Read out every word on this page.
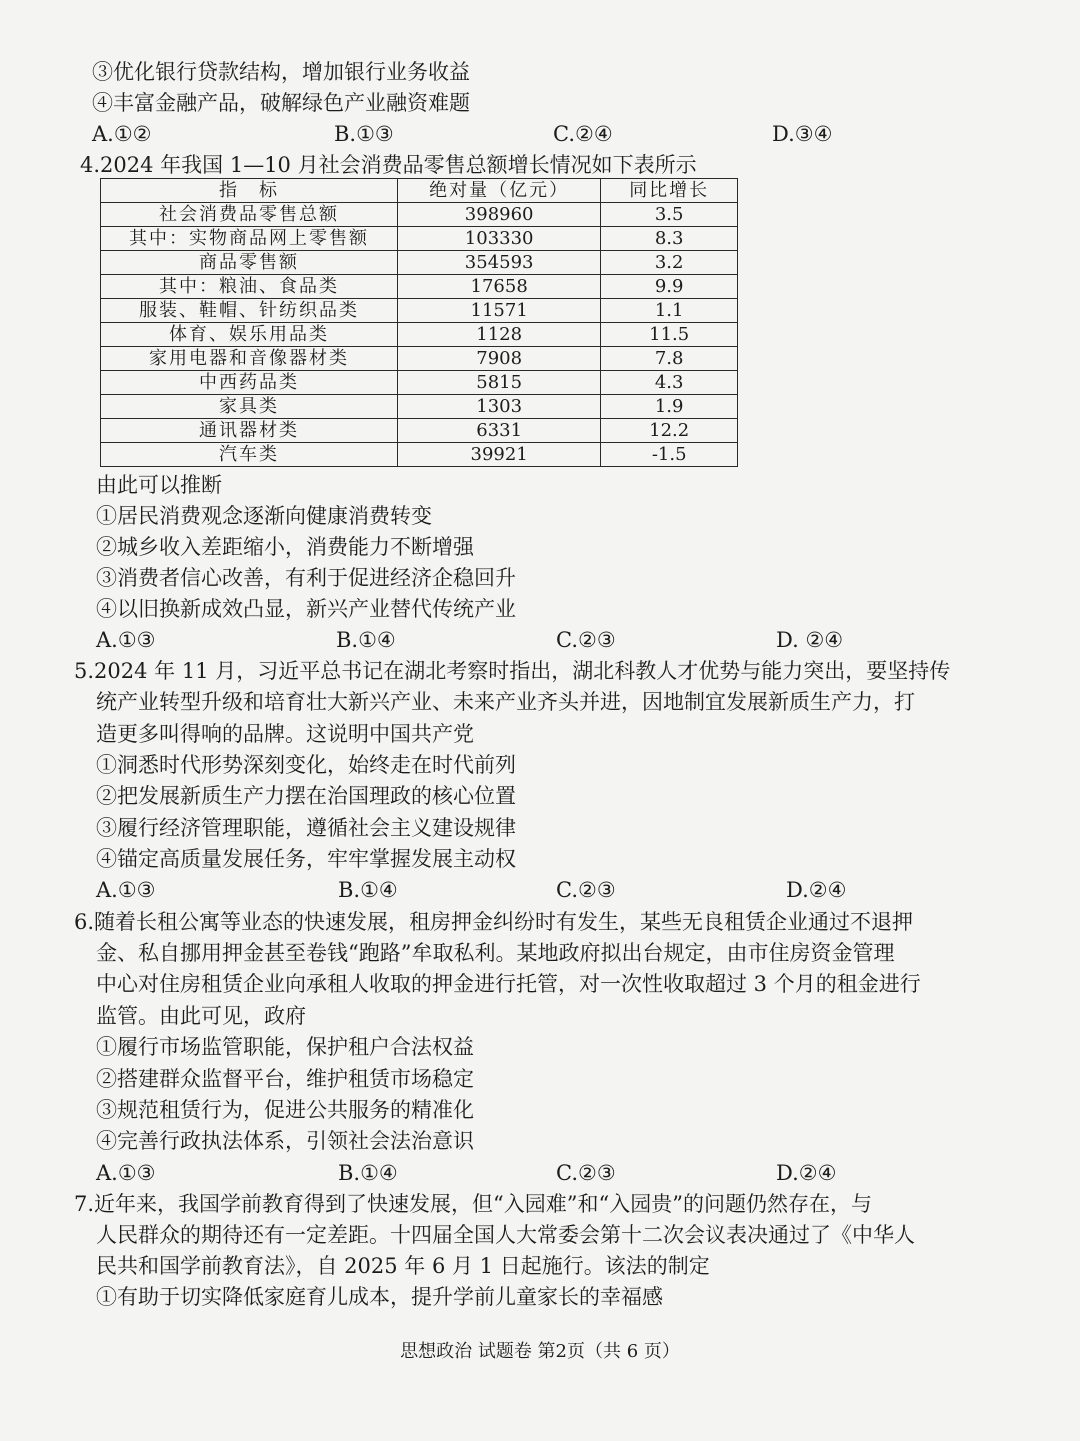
③优化银行贷款结构，增加银行业务收益
④丰富金融产品，破解绿色产业融资难题
A.①②	B.①③	C.②④	D.③④
4.2024 年我国 1—10 月社会消费品零售总额增长情况如下表所示
指　标	绝对量（亿元）	同比增长
社会消费品零售总额	398960	3.5
其中：实物商品网上零售额	103330	8.3
商品零售额	354593	3.2
其中：粮油、食品类	17658	9.9
服装、鞋帽、针纺织品类	11571	1.1
体育、娱乐用品类	1128	11.5
家用电器和音像器材类	7908	7.8
中西药品类	5815	4.3
家具类	1303	1.9
通讯器材类	6331	12.2
汽车类	39921	-1.5
由此可以推断
①居民消费观念逐渐向健康消费转变
②城乡收入差距缩小，消费能力不断增强
③消费者信心改善，有利于促进经济企稳回升
④以旧换新成效凸显，新兴产业替代传统产业
A.①③	B.①④	C.②③	D. ②④
5.2024 年 11 月，习近平总书记在湖北考察时指出，湖北科教人才优势与能力突出，要坚持传
统产业转型升级和培育壮大新兴产业、未来产业齐头并进，因地制宜发展新质生产力，打
造更多叫得响的品牌。这说明中国共产党
①洞悉时代形势深刻变化，始终走在时代前列
②把发展新质生产力摆在治国理政的核心位置
③履行经济管理职能，遵循社会主义建设规律
④锚定高质量发展任务，牢牢掌握发展主动权
A.①③	B.①④	C.②③	D.②④
6.随着长租公寓等业态的快速发展，租房押金纠纷时有发生，某些无良租赁企业通过不退押
金、私自挪用押金甚至卷钱“跑路”牟取私利。某地政府拟出台规定，由市住房资金管理
中心对住房租赁企业向承租人收取的押金进行托管，对一次性收取超过 3 个月的租金进行
监管。由此可见，政府
①履行市场监管职能，保护租户合法权益
②搭建群众监督平台，维护租赁市场稳定
③规范租赁行为，促进公共服务的精准化
④完善行政执法体系，引领社会法治意识
A.①③	B.①④	C.②③	D.②④
7.近年来，我国学前教育得到了快速发展，但“入园难”和“入园贵”的问题仍然存在，与
人民群众的期待还有一定差距。十四届全国人大常委会第十二次会议表决通过了《中华人
民共和国学前教育法》，自 2025 年 6 月 1 日起施行。该法的制定
①有助于切实降低家庭育儿成本，提升学前儿童家长的幸福感
思想政治 试题卷 第2页（共 6 页）
